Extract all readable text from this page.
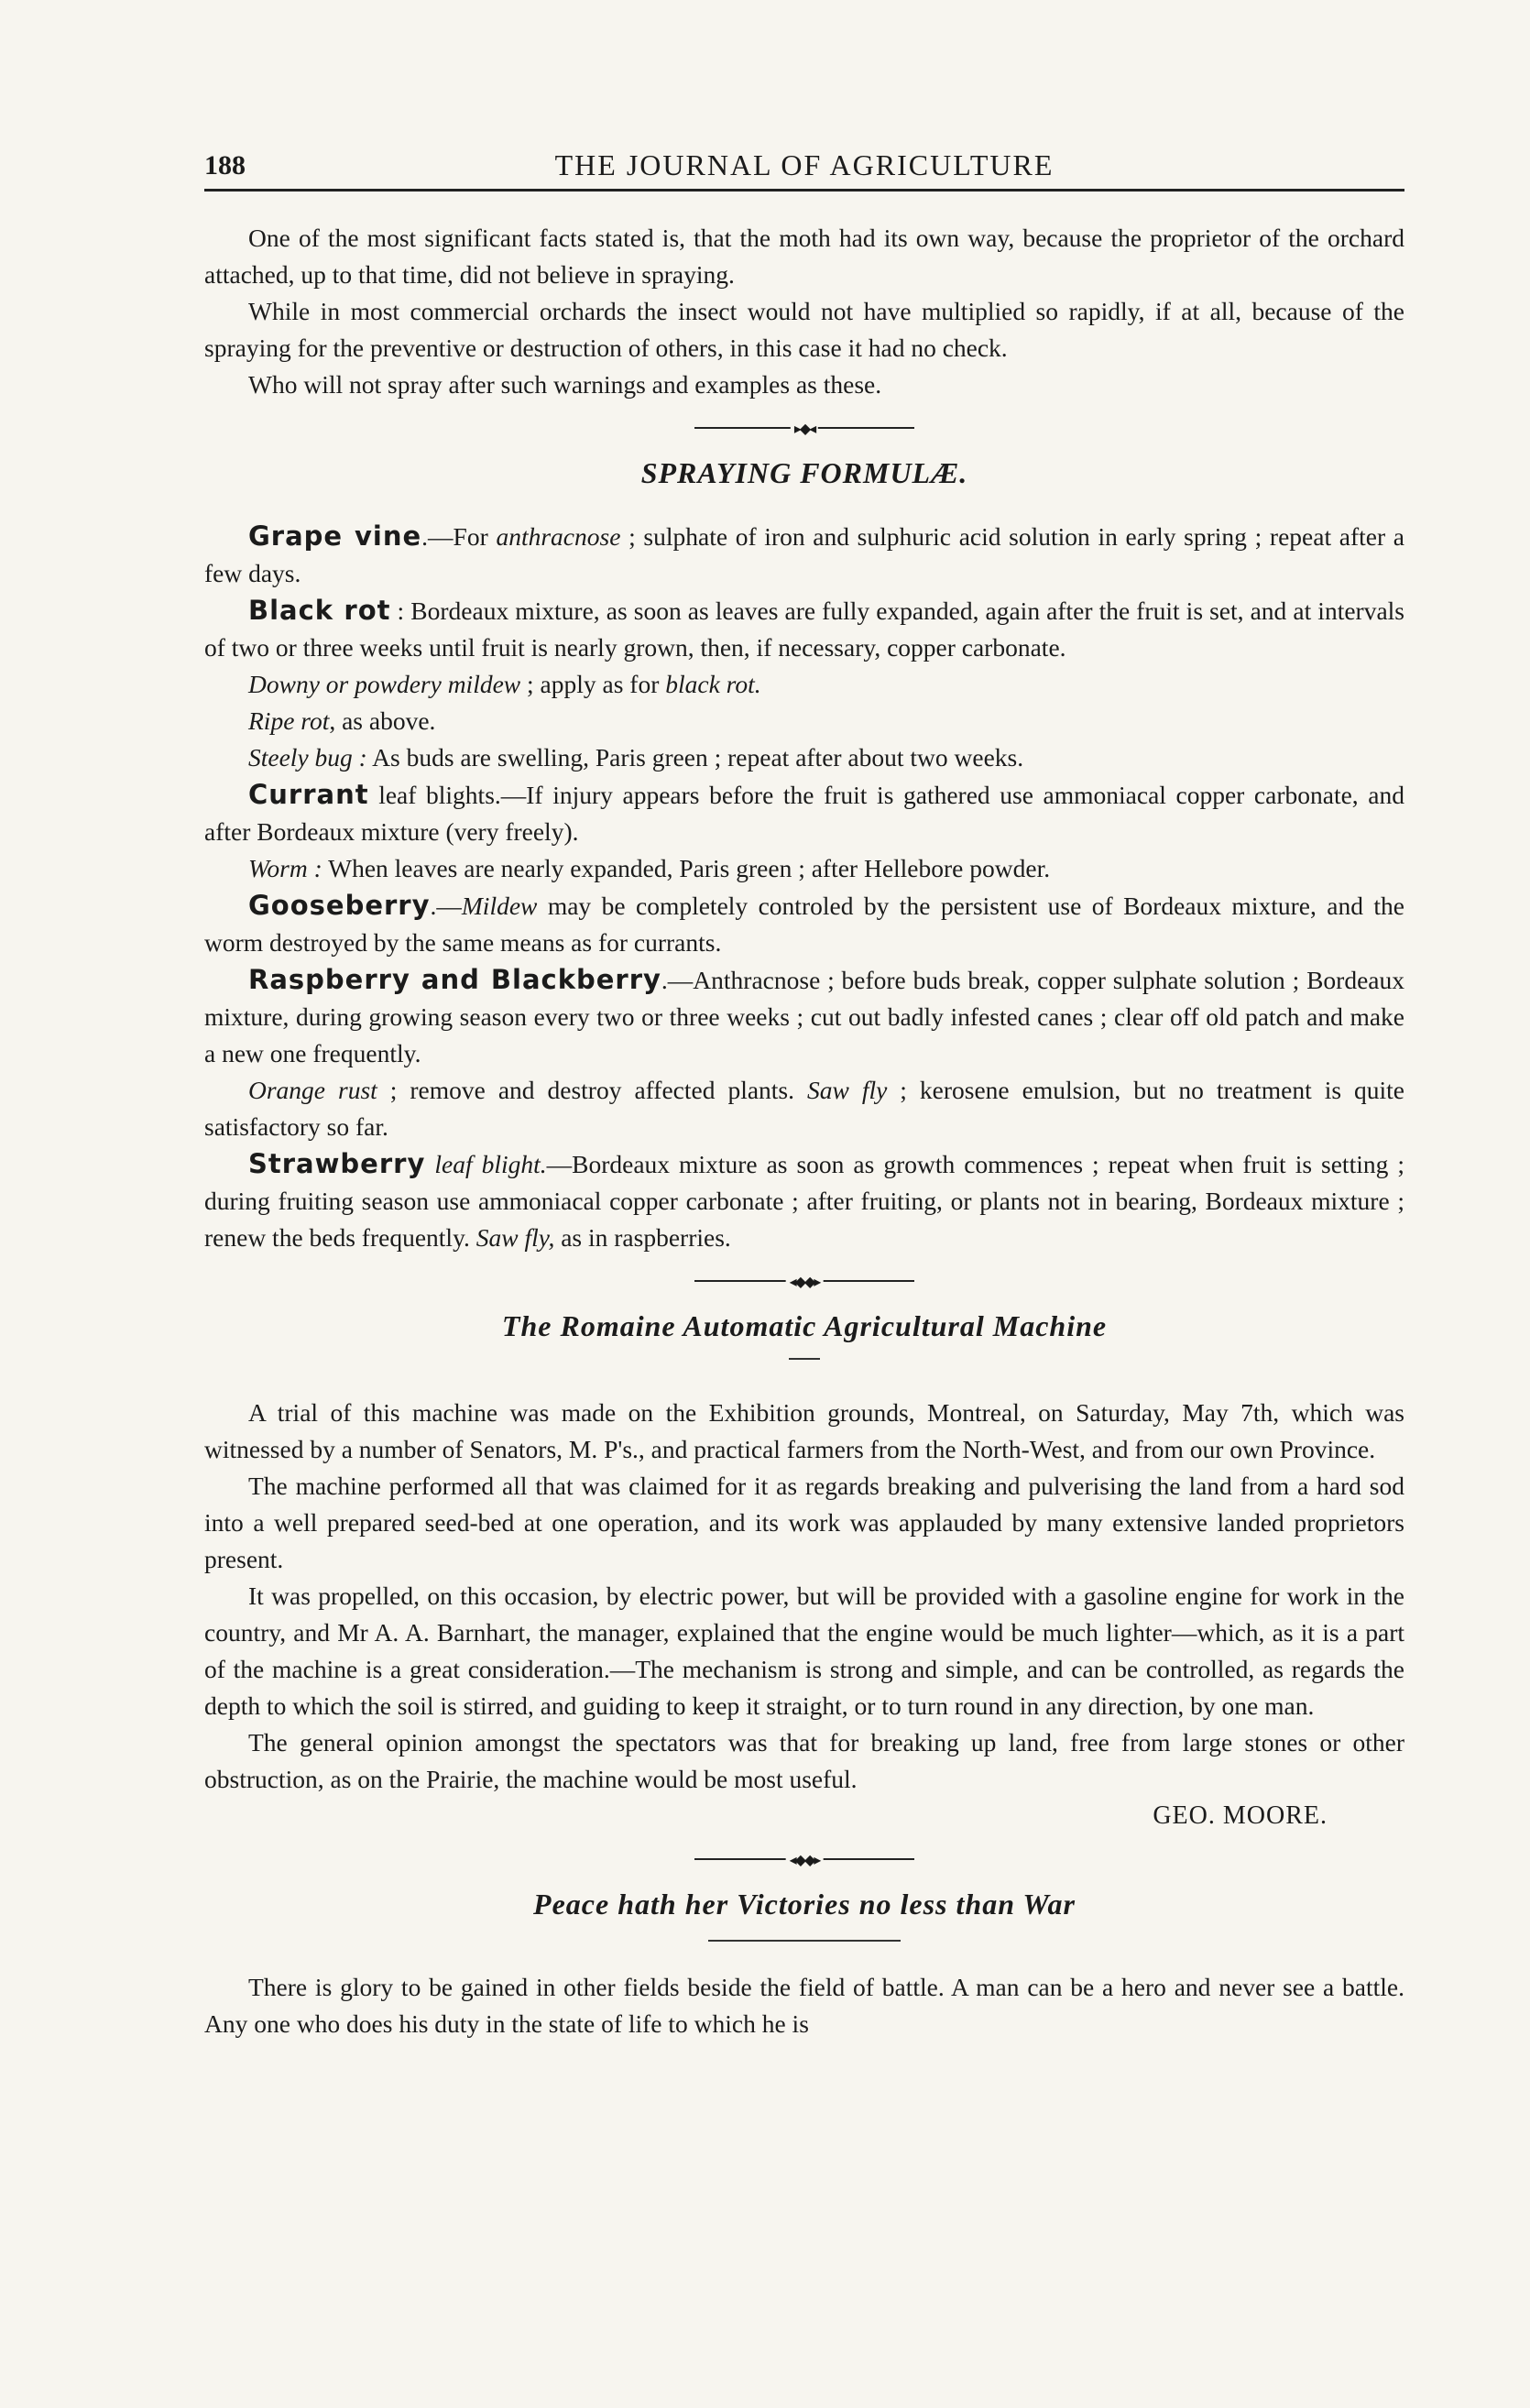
188	THE JOURNAL OF AGRICULTURE

One of the most significant facts stated is, that the moth had its own way, because the proprietor of the orchard attached, up to that time, did not believe in spraying.

While in most commercial orchards the insect would not have multiplied so rapidly, if at all, because of the spraying for the preventive or destruction of others, in this case it had no check.

Who will not spray after such warnings and examples as these.

▸◆◂
SPRAYING FORMULÆ.

Grape vine.—For anthracnose ; sulphate of iron and sulphuric acid solution in early spring ; repeat after a few days.

Black rot : Bordeaux mixture, as soon as leaves are fully expanded, again after the fruit is set, and at intervals of two or three weeks until fruit is nearly grown, then, if necessary, copper carbonate.

Downy or powdery mildew ; apply as for black rot.

Ripe rot, as above.

Steely bug : As buds are swelling, Paris green ; repeat after about two weeks.

Currant leaf blights.—If injury appears before the fruit is gathered use ammoniacal copper carbonate, and after Bordeaux mixture (very freely).

Worm : When leaves are nearly expanded, Paris green ; after Hellebore powder.

Gooseberry.—Mildew may be completely controled by the persistent use of Bordeaux mixture, and the worm destroyed by the same means as for currants.

Raspberry and Blackberry.—Anthracnose ; before buds break, copper sulphate solution ; Bordeaux mixture, during growing season every two or three weeks ; cut out badly infested canes ; clear off old patch and make a new one frequently.

Orange rust ; remove and destroy affected plants. Saw fly ; kerosene emulsion, but no treatment is quite satisfactory so far.

Strawberry leaf blight.—Bordeaux mixture as soon as growth commences ; repeat when fruit is setting ; during fruiting season use ammoniacal copper carbonate ; after fruiting, or plants not in bearing, Bordeaux mixture ; renew the beds frequently. Saw fly, as in raspberries.

◂◆◆▸
The Romaine Automatic Agricultural Machine

A trial of this machine was made on the Exhibition grounds, Montreal, on Saturday, May 7th, which was witnessed by a number of Senators, M. P's., and practical farmers from the North-West, and from our own Province.

The machine performed all that was claimed for it as regards breaking and pulverising the land from a hard sod into a well prepared seed-bed at one operation, and its work was applauded by many extensive landed proprietors present.

It was propelled, on this occasion, by electric power, but will be provided with a gasoline engine for work in the country, and Mr A. A. Barnhart, the manager, explained that the engine would be much lighter—which, as it is a part of the machine is a great consideration.—The mechanism is strong and simple, and can be controlled, as regards the depth to which the soil is stirred, and guiding to keep it straight, or to turn round in any direction, by one man.

The general opinion amongst the spectators was that for breaking up land, free from large stones or other obstruction, as on the Prairie, the machine would be most useful.

GEO. MOORE.
◂◆◆▸
Peace hath her Victories no less than War

There is glory to be gained in other fields beside the field of battle. A man can be a hero and never see a battle. Any one who does his duty in the state of life to which he is
